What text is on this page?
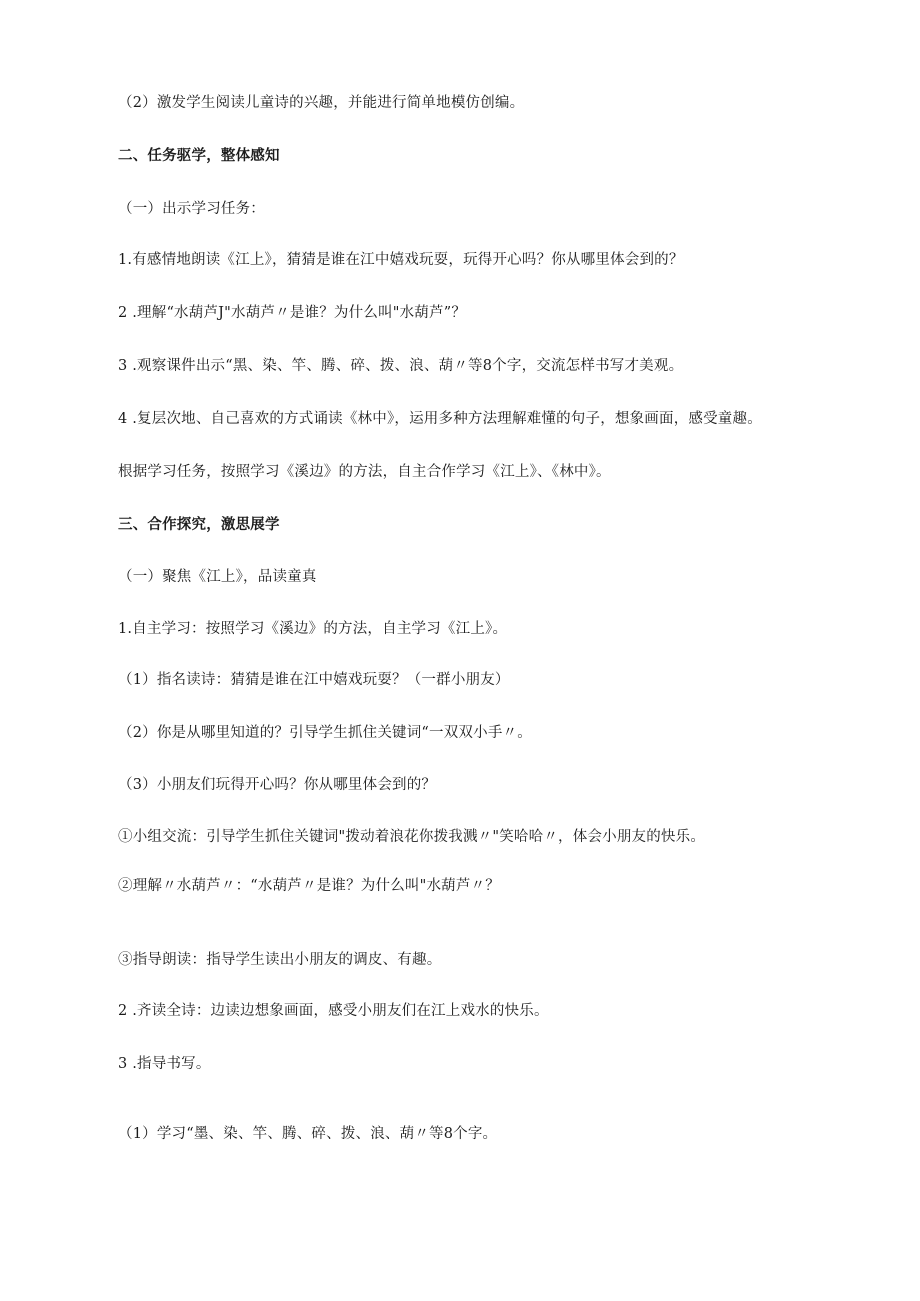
（2）激发学生阅读儿童诗的兴趣，并能进行简单地模仿创编。
二、任务驱学，整体感知
（一）出示学习任务：
1.有感情地朗读《江上》，猜猜是谁在江中嬉戏玩耍，玩得开心吗？你从哪里体会到的？
2 .理解“水葫芦J"水葫芦〃是谁？为什么叫"水葫芦”？
3 .观察课件出示“黑、染、竿、腾、碎、拨、浪、葫〃等8个字，交流怎样书写才美观。
4 .复层次地、自己喜欢的方式诵读《林中》，运用多种方法理解难懂的句子，想象画面，感受童趣。
根据学习任务，按照学习《溪边》的方法，自主合作学习《江上》、《林中》。
三、合作探究，激思展学
（一）聚焦《江上》，品读童真
1.自主学习：按照学习《溪边》的方法，自主学习《江上》。
（1）指名读诗：猜猜是谁在江中嬉戏玩耍？（一群小朋友）
（2）你是从哪里知道的？引导学生抓住关键词“一双双小手〃。
（3）小朋友们玩得开心吗？你从哪里体会到的？
①小组交流：引导学生抓住关键词"拨动着浪花你拨我溅〃"笑哈哈〃，体会小朋友的快乐。
②理解〃水葫芦〃：“水葫芦〃是谁？为什么叫"水葫芦〃？
③指导朗读：指导学生读出小朋友的调皮、有趣。
2 .齐读全诗：边读边想象画面，感受小朋友们在江上戏水的快乐。
3 .指导书写。
（1）学习“墨、染、竿、腾、碎、拨、浪、葫〃等8个字。
